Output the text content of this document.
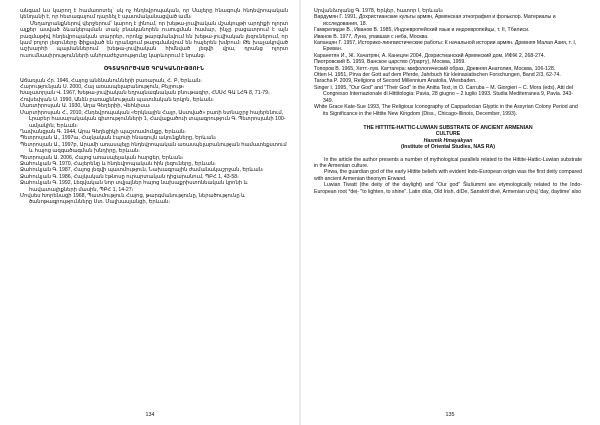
անգամ ևս կարող է համառոտել` սկ ոչ հնդեվրոպական, որ Մայերը հնագույն հնդեվրոպական կենդանի է, որ հետագայում դարձել է պատմականացված ամն։

Մեղադրանքներով վերջերում՝ կարող է լինում, որ խեթա-լուվիական մշակույթի արդիքի ոլորտ ալքեր ասված ձևակերպման տակ բնականորեն ուսուցման համար, ինչը բացատրում է այն բազմաթիվ հնդեվրոպական տարրեր, որոնք թարգմանվում են խեթա-լուվիական լեզուներում, որ կամ բոլոր լեզուները ֆիքսված են դրանցում թարգմանվում են հայերեն խմբում։ Թե խաչակրված աշխարհի պայմաններում խեթա-լուվիական հիմնված լեզվի վրա, դրանց ոլորտ ուսումնասիրությունների անհրաժեշտությունը կարևորում է նրանց։

ՕԳՏԱԳՈՐԾՎԱԾ ԳՐԱԿԱՆՈՒԹՅՈՒՆ

Աճառյան Հր. 1946, Հայոց անձնանունների բառարան, Հ. Բ, Երևան։

Հարությունյան Ս. 2000, Հայ առասպելաբանություն, Բեյրութ։

Խաչատրյան Վ. 1967, Խեթա-լուվիական եղրայնագնական բնութագիր, ՀՍՍՀ ԳԱ ԼՀԳ 8, 71-79։

Հովսեփյան Ս. 1990, Անձն բառաքննության պատմական երկրն, Երևան։

Մառտիրոսյան Ա. 1930, Աղա Գեղերիի, Վեհնիսա։

Մարտիրոսյան Հ., 2010, Հնդեվրոպական «Երկնային Հայր, Աստված» բառի ետնաշրջ հայերենում, Լրաբեր հասարակական գիտությունների 1, Հավաքածուի տպագրություն Գ. Պետրոսյանի 100-ամյակին, Երևան։

Ղափանցյան Գ. 1944, Արա Գեղեցիկի պաշտամունքը, Երևան։

Պետրոսյան Ա., 1997ա, Հայկական էպոսի հնագույն ակունքները, Երևան։

Պետրոսյան Ա., 1997բ, Արամի առասպելը հնդեվրոպական առասպելաբանության համատեքստում և հայոց ազգածագման խնդիրը, Երևան։

Պետրոսյան Ա. 2006, Հայոց առասպելական հարցեր, Երևան։

Ջահուկյան Գ. 1970, Հայերենը և հնդեվրոպական հին լեզուները, Երևան։

Ջահուկյան Գ. 1987, Հայոց լեզվի պատմություն, Նախագրային ժամանակաշրջան, Երևան։

Ջահուկյան Գ. 1986, Հայկական էթնոսը ուրարտական դիցարանում, ՊԲՀ 1, 43-58։

Ջահուկյան Գ. 1992, Լեզվական նոր տվյալներ հայոց նախաքրիստոնեական կրոնի և հավատալիքների մասին, ՊԲՀ 1, 14-27։

Մովսես Խորենացի 1968, Պատմություն Հայոց, թարգմանությունը, ներածությունը և ծանոթագրությունները Ստ. Մալխասյանցի, Երևան։

134

Սրվանձտյանց Գ. 1978, Երկեր, հատոր I, Երևան։

Вардумян Г. 1991, Дохристианские культы армян, Армянская этнография и фольклор. Материалы и исследования, 18.

Гамкрелидзе В., Иванов В. 1985, Индоевропейский язык и индоевропейцы, т. II, Тбилиси.

Иванов В. 1977, Луна, упавшая с неба, Москва.

Капанцян Г. 1957, Историко-лингвистические работы: К начальной истории армян. Древняя Малая Азия, т. I, Ереван.

Каранетян И., Ж. Хачатрян, А. Канецян 2004, Дохристианский Армянский дом, ИФЖ 2, 268-274.

Пиотровский Б. 1959, Ванское царство (Урарту), Москва, 1959.

Топоров В. 1965, Хетт.-лув. Каттагера: мифологический образ, Древняя Анатолия, Москва, 106-128.

Otten H. 1951, Pirva der Gott auf dem Pferde, Jahrbuch für kleinasiatischen Forschungen, Band 2/3, 62-74.

Taracha P. 2009, Religions of Second Millennium Anatolia, Wiesbaden.

Singer I. 1995, "Our God" and "Their God" in the Anitta Text, in O. Carruba – M. Giorgieri – C. Mora (eds), Atti del Congresso Internazionale di Hittitologia: Pavia, 28 giugno – 2 luglio 1993. Studia Mediterranea 9, Pavia. 343-349.

White Grace Kate-Sue 1993, The Religious Iconography of Cappadocian Glyptic in the Assyrian Colony Period and its Significance in the Hittite New Kingdom (Diss., Chicago-Illinois, December, 1993).

THE HITTITE-HATTIC-LUWIAN SUBSTRATE OF ANCIENT ARMENIAN
CULTURE
Hasmik Hmayakyan
(Institute of Oriental Studies, NAS RA)

In the article the author presents a number of mythological parallels related to the Hittite-Hattic-Luwian substrate in the Armenian culture.

Pirwa, the guardian god of the early Hittite beliefs with evident Indo-European origin was the first deity compared with ancient Armenian theonym Erwand.

Luwian Tiwatt (the deity of the daylight) and "Our god" Šiušummi are etymologically related to the Indo-European root *dei̯- "to lighten, to shine". Latin diūs, Old Irish. díDe, Sanskrit divé, Armenian տիվ 'day, daytime' also

135
